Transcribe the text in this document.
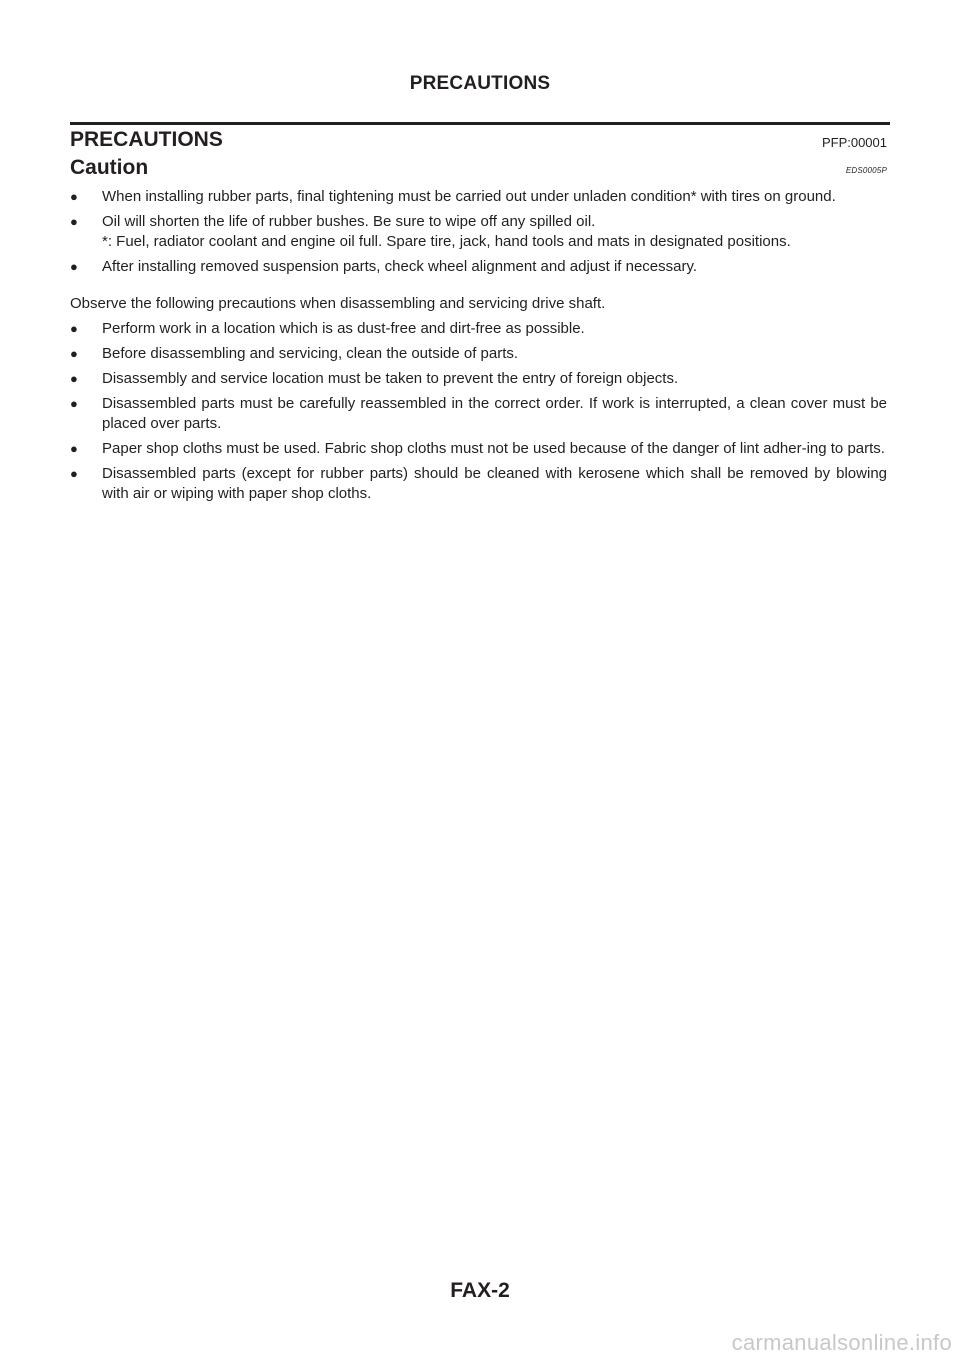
PRECAUTIONS
PRECAUTIONS	PFP:00001
Caution	EDS0005P
● When installing rubber parts, final tightening must be carried out under unladen condition* with tires on ground.
● Oil will shorten the life of rubber bushes. Be sure to wipe off any spilled oil.
*: Fuel, radiator coolant and engine oil full. Spare tire, jack, hand tools and mats in designated positions.
● After installing removed suspension parts, check wheel alignment and adjust if necessary.

Observe the following precautions when disassembling and servicing drive shaft.

● Perform work in a location which is as dust-free and dirt-free as possible.
● Before disassembling and servicing, clean the outside of parts.
● Disassembly and service location must be taken to prevent the entry of foreign objects.
● Disassembled parts must be carefully reassembled in the correct order. If work is interrupted, a clean cover must be placed over parts.
● Paper shop cloths must be used. Fabric shop cloths must not be used because of the danger of lint adher-ing to parts.
● Disassembled parts (except for rubber parts) should be cleaned with kerosene which shall be removed by blowing with air or wiping with paper shop cloths.
FAX-2
carmanualsonline.info
